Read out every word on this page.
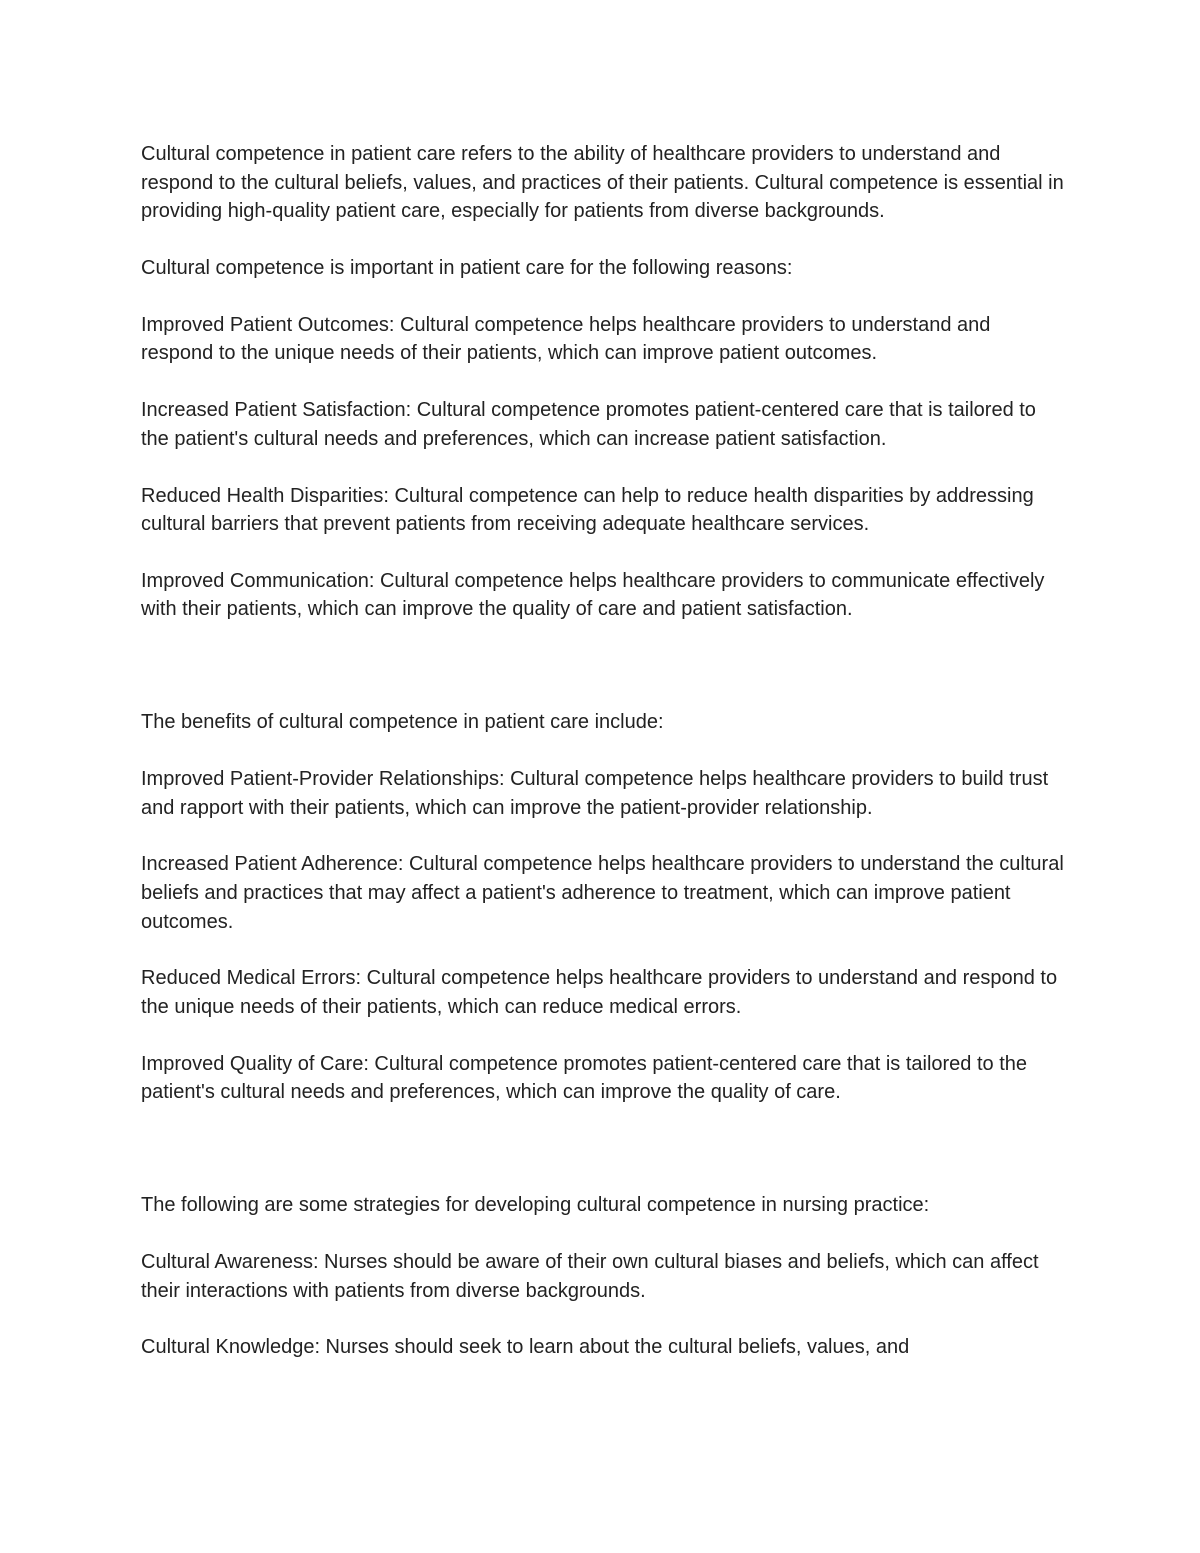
Cultural competence in patient care refers to the ability of healthcare providers to understand and respond to the cultural beliefs, values, and practices of their patients. Cultural competence is essential in providing high-quality patient care, especially for patients from diverse backgrounds.

Cultural competence is important in patient care for the following reasons:

Improved Patient Outcomes: Cultural competence helps healthcare providers to understand and respond to the unique needs of their patients, which can improve patient outcomes.

Increased Patient Satisfaction: Cultural competence promotes patient-centered care that is tailored to the patient's cultural needs and preferences, which can increase patient satisfaction.

Reduced Health Disparities: Cultural competence can help to reduce health disparities by addressing cultural barriers that prevent patients from receiving adequate healthcare services.

Improved Communication: Cultural competence helps healthcare providers to communicate effectively with their patients, which can improve the quality of care and patient satisfaction.

The benefits of cultural competence in patient care include:

Improved Patient-Provider Relationships: Cultural competence helps healthcare providers to build trust and rapport with their patients, which can improve the patient-provider relationship.

Increased Patient Adherence: Cultural competence helps healthcare providers to understand the cultural beliefs and practices that may affect a patient's adherence to treatment, which can improve patient outcomes.

Reduced Medical Errors: Cultural competence helps healthcare providers to understand and respond to the unique needs of their patients, which can reduce medical errors.

Improved Quality of Care: Cultural competence promotes patient-centered care that is tailored to the patient's cultural needs and preferences, which can improve the quality of care.

The following are some strategies for developing cultural competence in nursing practice:

Cultural Awareness: Nurses should be aware of their own cultural biases and beliefs, which can affect their interactions with patients from diverse backgrounds.

Cultural Knowledge: Nurses should seek to learn about the cultural beliefs, values, and
